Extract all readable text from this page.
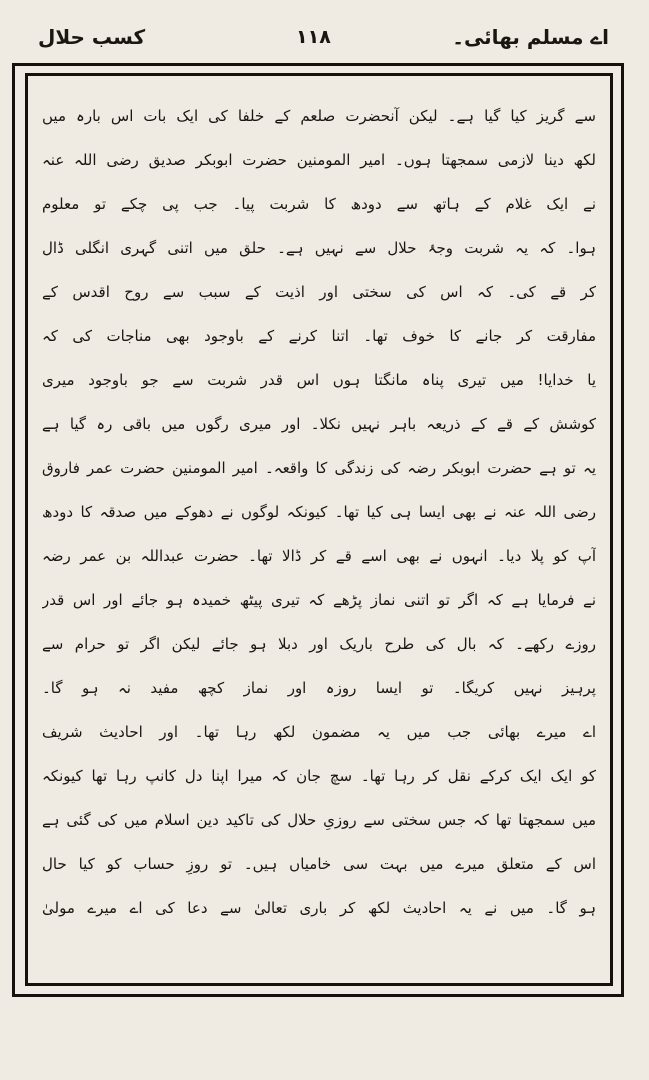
کسب حلال	۱۱۸	اے مسلم بھائی۔
سے گریز کیا گیا ہے۔ لیکن آنحضرت صلعم کے خلفا کی ایک بات اس بارہ میں
لکھ دینا لازمی سمجھتا ہوں۔ امیر المومنین حضرت ابوبکر صدیق رضی اللہ عنہ
نے ایک غلام کے ہاتھ سے دودھ کا شربت پیا۔ جب پی چکے تو معلوم
ہوا۔ کہ یہ شربت وجۂ حلال سے نہیں ہے۔ حلق میں اتنی گہری انگلی ڈال
کر قے کی۔ کہ اس کی سختی اور اذیت کے سبب سے روح اقدس کے
مفارقت کر جانے کا خوف تھا۔ اتنا کرنے کے باوجود بھی مناجات کی کہ
یا خدایا! میں تیری پناہ مانگتا ہوں اس قدر شربت سے جو باوجود میری
کوشش کے قے کے ذریعہ باہر نہیں نکلا۔ اور میری رگوں میں باقی رہ گیا ہے
یہ تو ہے حضرت ابوبکر رضہ کی زندگی کا واقعہ۔ امیر المومنین حضرت عمر فاروق
رضی اللہ عنہ نے بھی ایسا ہی کیا تھا۔ کیونکہ لوگوں نے دھوکے میں صدقہ کا دودھ
آپ کو پلا دیا۔ انہوں نے بھی اسے قے کر ڈالا تھا۔ حضرت عبداللہ بن عمر رضہ
نے فرمایا ہے کہ اگر تو اتنی نماز پڑھے کہ تیری پیٹھ خمیدہ ہو جائے اور اس قدر
روزے رکھے۔ کہ بال کی طرح باریک اور دبلا ہو جائے لیکن اگر تو حرام سے
پرہیز نہیں کریگا۔ تو ایسا روزہ اور نماز کچھ مفید نہ ہو گا۔
اے میرے بھائی جب میں یہ مضمون لکھ رہا تھا۔ اور احادیث شریف
کو ایک ایک کرکے نقل کر رہا تھا۔ سچ جان کہ میرا اپنا دل کانپ رہا تھا کیونکہ
میں سمجھتا تھا کہ جس سختی سے روزیِ حلال کی تاکید دین اسلام میں کی گئی ہے
اس کے متعلق میرے میں بہت سی خامیاں ہیں۔ تو روزِ حساب کو کیا حال
ہو گا۔ میں نے یہ احادیث لکھ کر باری تعالیٰ سے دعا کی اے میرے مولیٰ
